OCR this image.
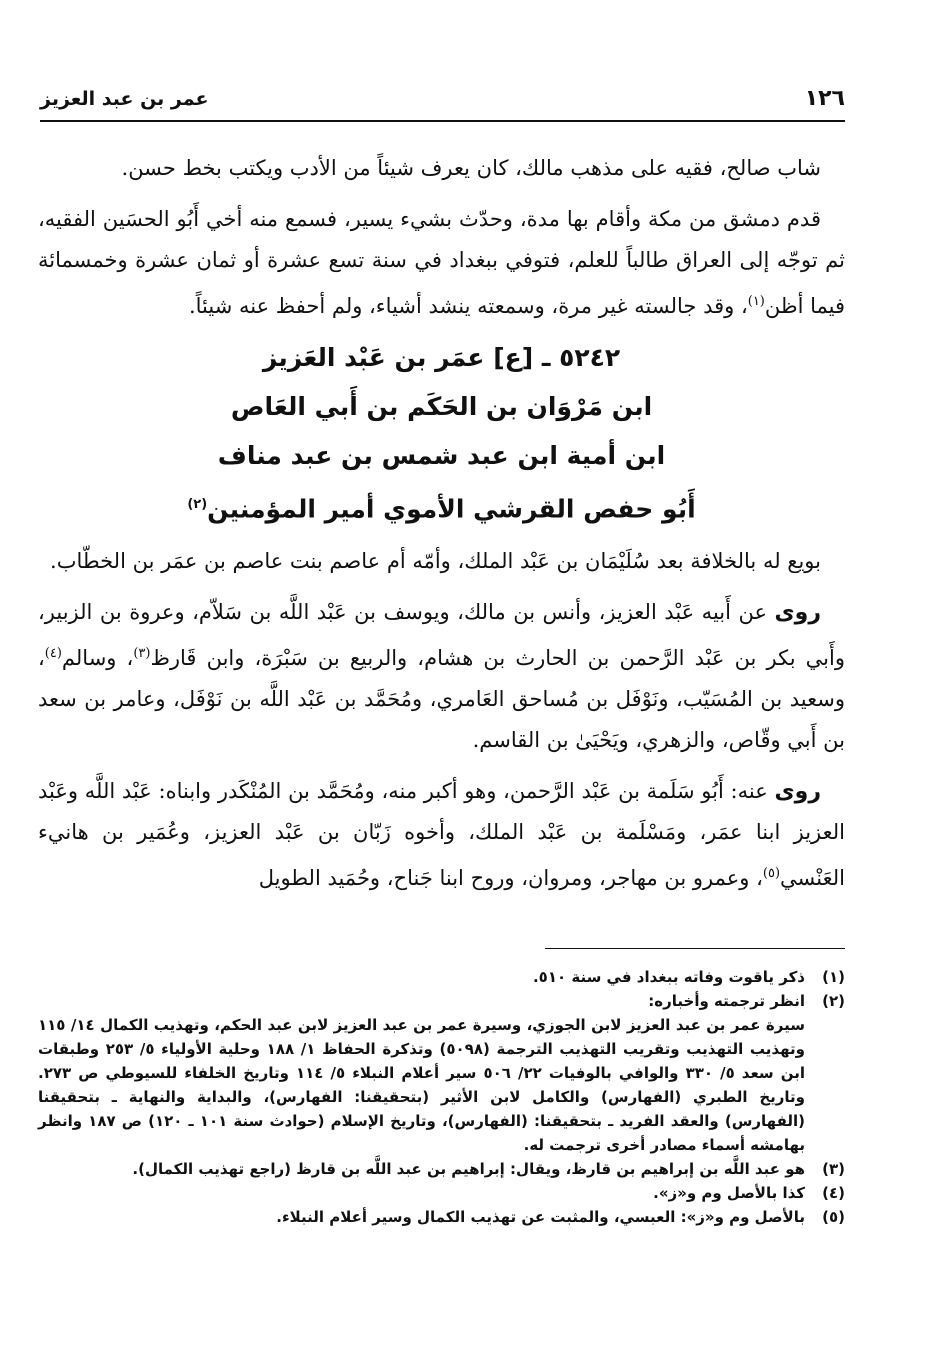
١٢٦
عمر بن عبد العزيز

شاب صالح، فقيه على مذهب مالك، كان يعرف شيئاً من الأدب ويكتب بخط حسن.

قدم دمشق من مكة وأقام بها مدة، وحدّث بشيء يسير، فسمع منه أخي أَبُو الحسَين الفقيه، ثم توجّه إلى العراق طالباً للعلم، فتوفي ببغداد في سنة تسع عشرة أو ثمان عشرة وخمسمائة فيما أظن$^{(١)}$، وقد جالسته غير مرة، وسمعته ينشد أشياء، ولم أحفظ عنه شيئاً.

٥٢٤٢ ـ [ع] عمَر بن عَبْد العَزيز
ابن مَرْوَان بن الحَكَم بن أَبي العَاص
ابن أمية ابن عبد شمس بن عبد مناف
أَبُو حفص القرشي الأموي أمير المؤمنين$^{(٢)}$

بويع له بالخلافة بعد سُلَيْمَان بن عَبْد الملك، وأمّه أم عاصم بنت عاصم بن عمَر بن الخطّاب.

روى عن أَبيه عَبْد العزيز، وأنس بن مالك، ويوسف بن عَبْد اللَّه بن سَلاّم، وعروة بن الزبير، وأَبي بكر بن عَبْد الرَّحمن بن الحارث بن هشام، والربيع بن سَبْرَة، وابن قَارظ$^{(٣)}$، وسالم$^{(٤)}$، وسعيد بن المُسَيّب، ونَوْفَل بن مُساحق العَامري، ومُحَمَّد بن عَبْد اللَّه بن نَوْفَل، وعامر بن سعد بن أَبي وقّاص، والزهري، ويَحْيَىٰ بن القاسم.

روى عنه: أَبُو سَلَمة بن عَبْد الرَّحمن، وهو أكبر منه، ومُحَمَّد بن المُنْكَدر وابناه: عَبْد اللَّه وعَبْد العزيز ابنا عمَر، ومَسْلَمة بن عَبْد الملك، وأخوه زَبّان بن عَبْد العزيز، وعُمَير بن هانيء العَنْسي$^{(٥)}$، وعمرو بن مهاجر، ومروان، وروح ابنا جَناح، وحُمَيد الطويل

(١)
ذكر ياقوت وفاته ببغداد في سنة ٥١٠.
(٢)
انظر ترجمته وأخباره:
سيرة عمر بن عبد العزيز لابن الجوزي، وسيرة عمر بن عبد العزيز لابن عبد الحكم، وتهذيب الكمال ١٤/ ١١٥ وتهذيب التهذيب وتقريب التهذيب الترجمة (٥٠٩٨) وتذكرة الحفاظ ١/ ١٨٨ وحلية الأولياء ٥/ ٢٥٣ وطبقات ابن سعد ٥/ ٣٣٠ والوافي بالوفيات ٢٢/ ٥٠٦ سير أعلام النبلاء ٥/ ١١٤ وتاريخ الخلفاء للسيوطي ص ٢٧٣. وتاريخ الطبري (الفهارس) والكامل لابن الأثير (بتحقيقنا: الفهارس)، والبداية والنهاية ـ بتحقيقنا (الفهارس) والعقد الفريد ـ بتحقيقنا: (الفهارس)، وتاريخ الإسلام (حوادث سنة ١٠١ ـ ١٢٠) ص ١٨٧ وانظر بهامشه أسماء مصادر أخرى ترجمت له.
(٣)
هو عبد اللَّه بن إبراهيم بن قارظ، ويقال: إبراهيم بن عبد اللَّه بن قارظ (راجع تهذيب الكمال).
(٤)
كذا بالأصل وم و«ز».
(٥)
بالأصل وم و«ز»: العبسي، والمثبت عن تهذيب الكمال وسير أعلام النبلاء.
